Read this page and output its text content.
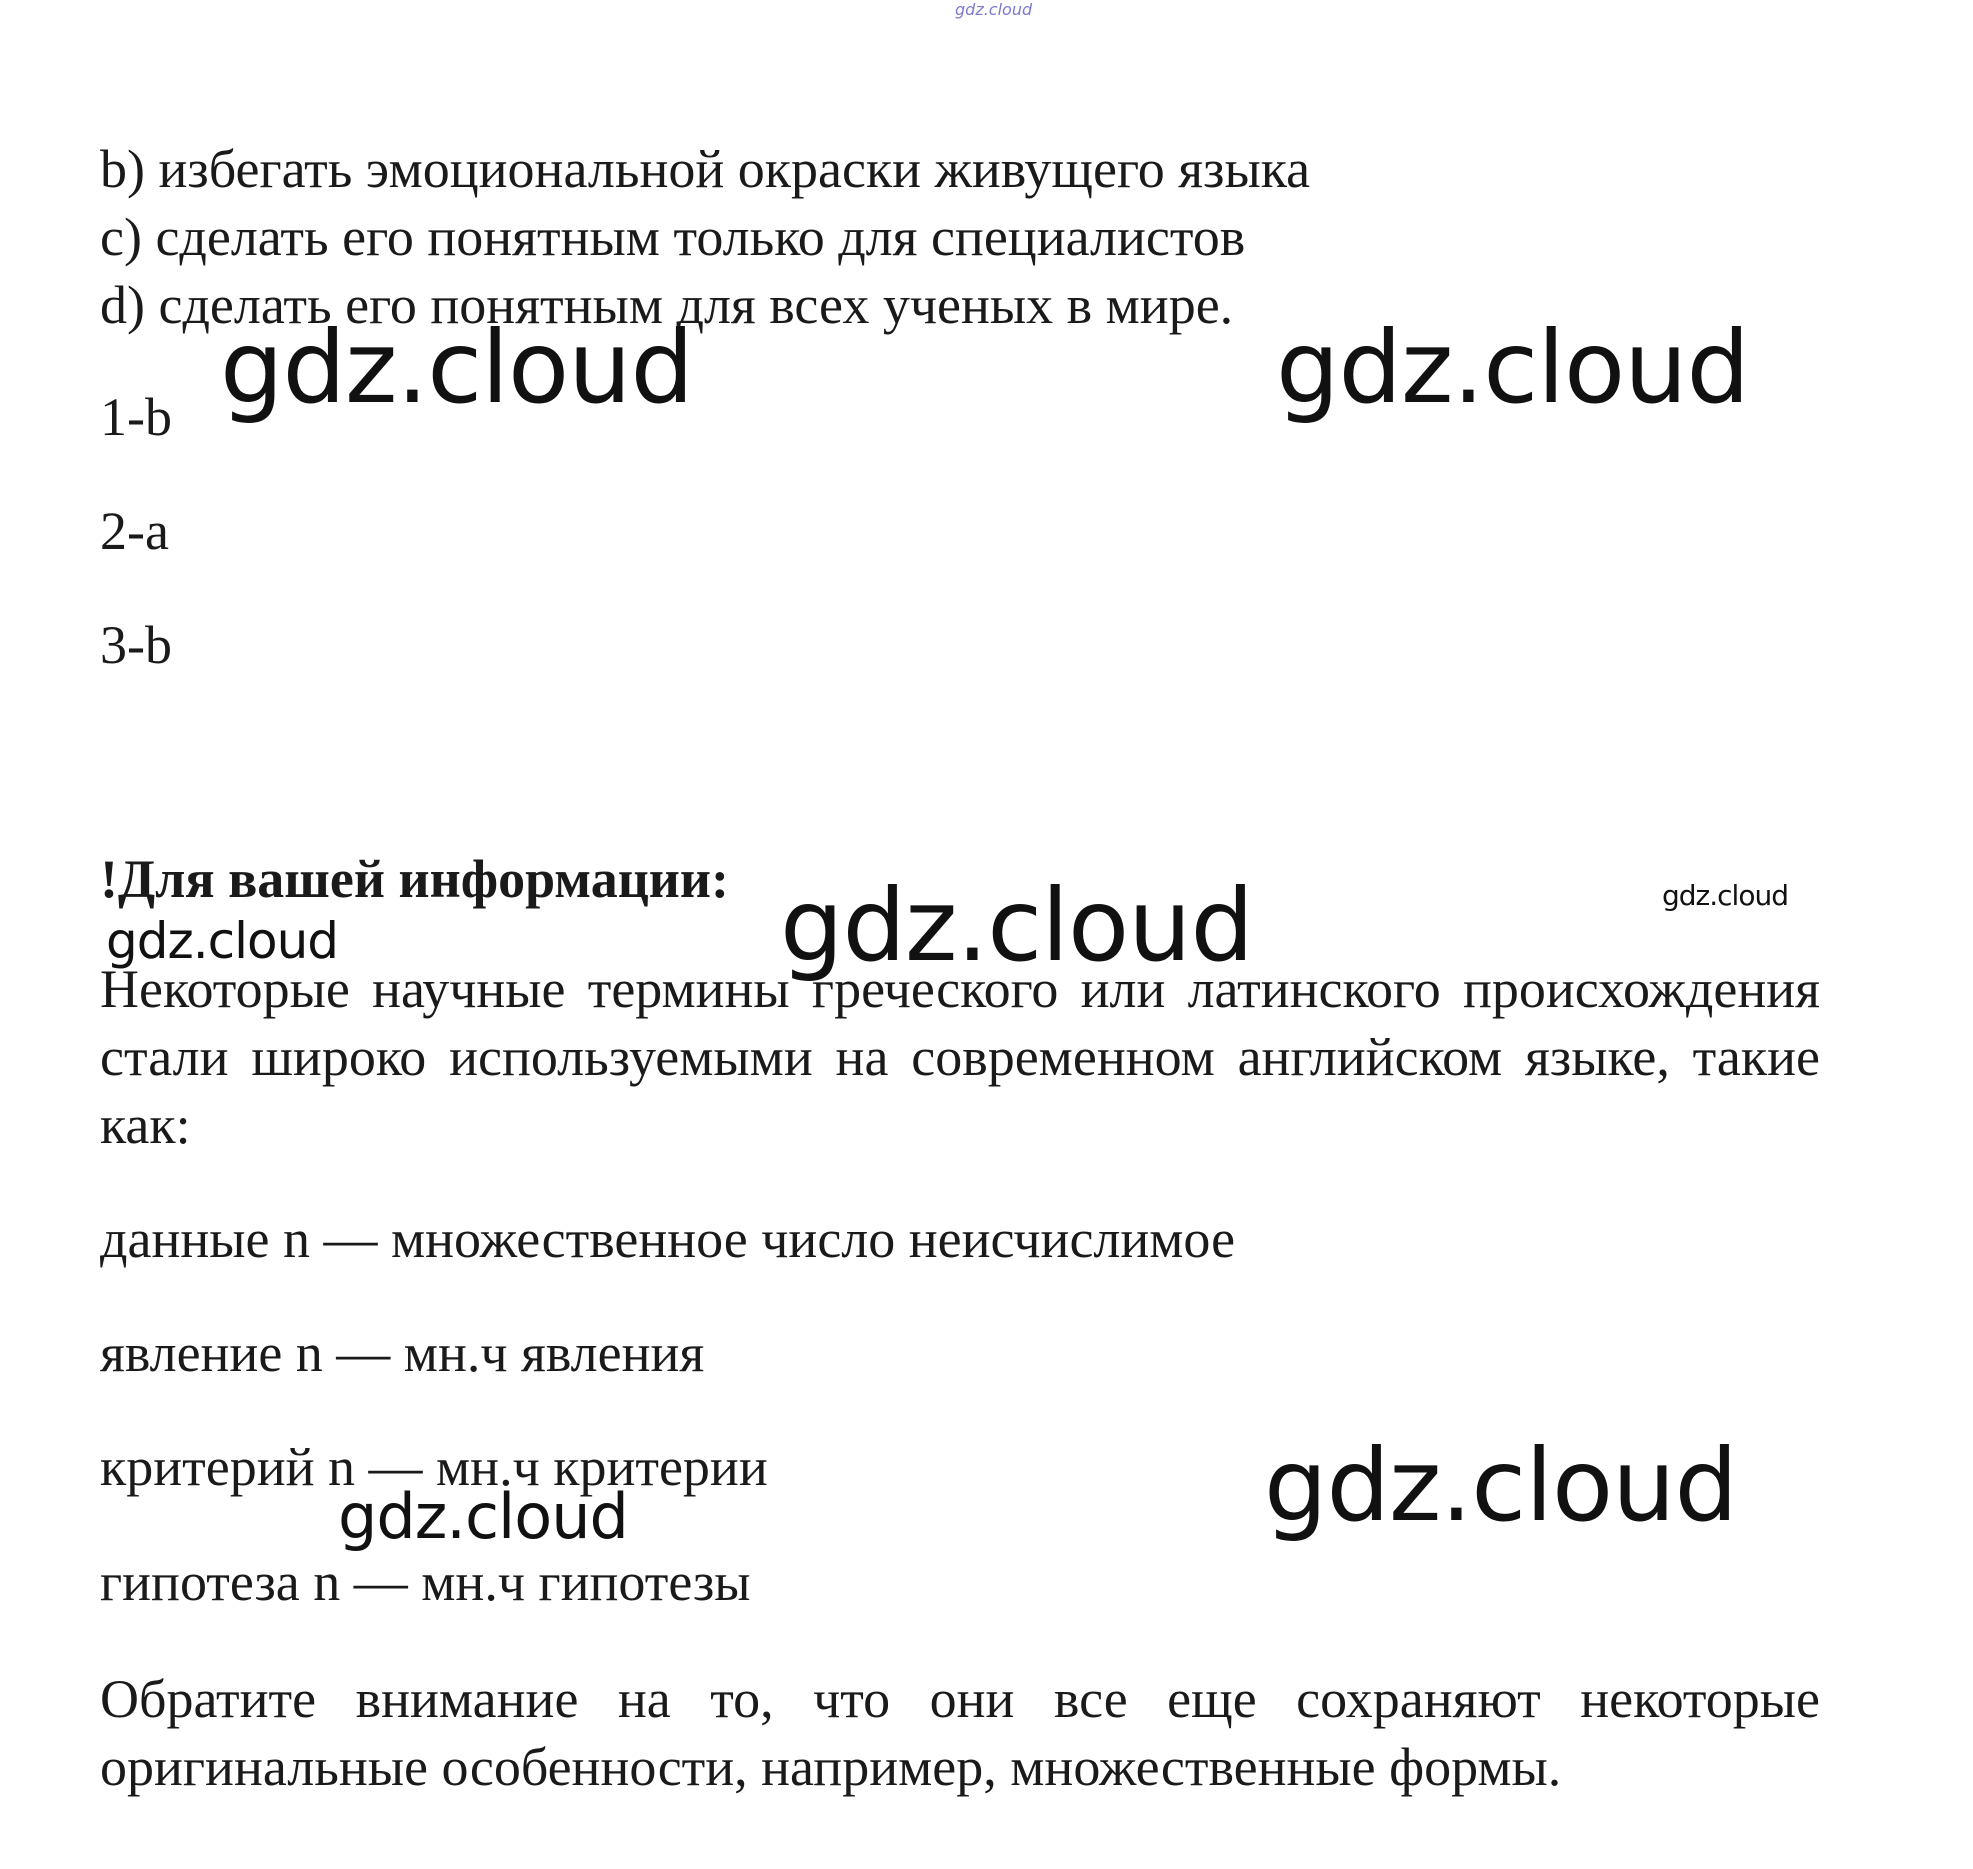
gdz.cloud
b) избегать эмоциональной окраски живущего языка
c) сделать его понятным только для специалистов
d) сделать его понятным для всех ученых в мире.
1-b
2-a
3-b
!Для вашей информации:
Некоторые научные термины греческого или латинского происхождения стали широко используемыми на современном английском языке, такие как:
данные n — множественное число неисчислимое
явление n — мн.ч явления
критерий n — мн.ч критерии
гипотеза n — мн.ч гипотезы
Обратите внимание на то, что они все еще сохраняют некоторые оригинальные особенности, например, множественные формы.
gdz.cloud	gdz.cloud
gdz.cloud	gdz.cloud
gdz.cloud
gdz.cloud
gdz.cloud
